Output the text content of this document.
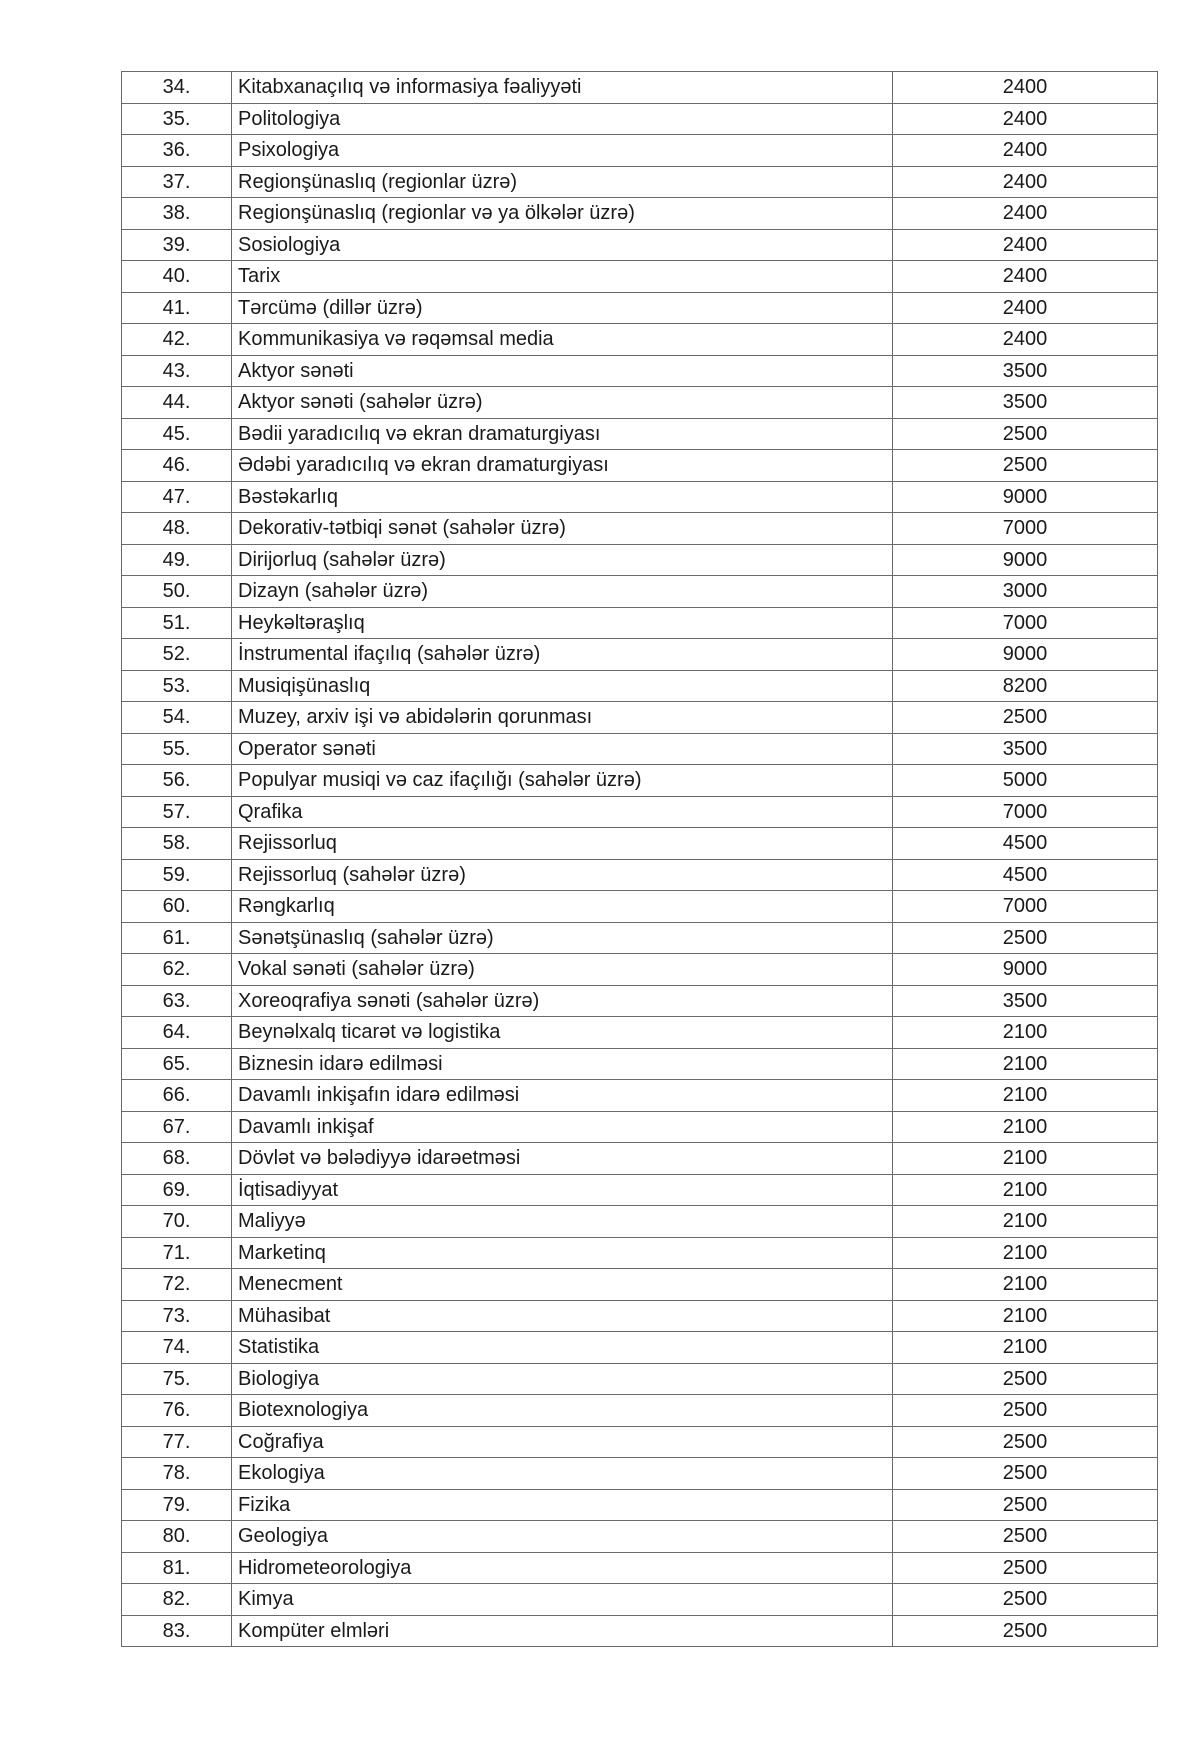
34.	Kitabxanaçılıq və informasiya fəaliyyəti	2400
35.	Politologiya	2400
36.	Psixologiya	2400
37.	Regionşünaslıq (regionlar üzrə)	2400
38.	Regionşünaslıq (regionlar və ya ölkələr üzrə)	2400
39.	Sosiologiya	2400
40.	Tarix	2400
41.	Tərcümə (dillər üzrə)	2400
42.	Kommunikasiya və rəqəmsal media	2400
43.	Aktyor sənəti	3500
44.	Aktyor sənəti (sahələr üzrə)	3500
45.	Bədii yaradıcılıq və ekran dramaturgiyası	2500
46.	Ədəbi yaradıcılıq və ekran dramaturgiyası	2500
47.	Bəstəkarlıq	9000
48.	Dekorativ-tətbiqi sənət (sahələr üzrə)	7000
49.	Dirijorluq (sahələr üzrə)	9000
50.	Dizayn (sahələr üzrə)	3000
51.	Heykəltəraşlıq	7000
52.	İnstrumental ifaçılıq (sahələr üzrə)	9000
53.	Musiqişünaslıq	8200
54.	Muzey, arxiv işi və abidələrin qorunması	2500
55.	Operator sənəti	3500
56.	Populyar musiqi və caz ifaçılığı (sahələr üzrə)	5000
57.	Qrafika	7000
58.	Rejissorluq	4500
59.	Rejissorluq (sahələr üzrə)	4500
60.	Rəngkarlıq	7000
61.	Sənətşünaslıq (sahələr üzrə)	2500
62.	Vokal sənəti (sahələr üzrə)	9000
63.	Xoreoqrafiya sənəti (sahələr üzrə)	3500
64.	Beynəlxalq ticarət və logistika	2100
65.	Biznesin idarə edilməsi	2100
66.	Davamlı inkişafın idarə edilməsi	2100
67.	Davamlı inkişaf	2100
68.	Dövlət və bələdiyyə idarəetməsi	2100
69.	İqtisadiyyat	2100
70.	Maliyyə	2100
71.	Marketinq	2100
72.	Menecment	2100
73.	Mühasibat	2100
74.	Statistika	2100
75.	Biologiya	2500
76.	Biotexnologiya	2500
77.	Coğrafiya	2500
78.	Ekologiya	2500
79.	Fizika	2500
80.	Geologiya	2500
81.	Hidrometeorologiya	2500
82.	Kimya	2500
83.	Kompüter elmləri	2500
